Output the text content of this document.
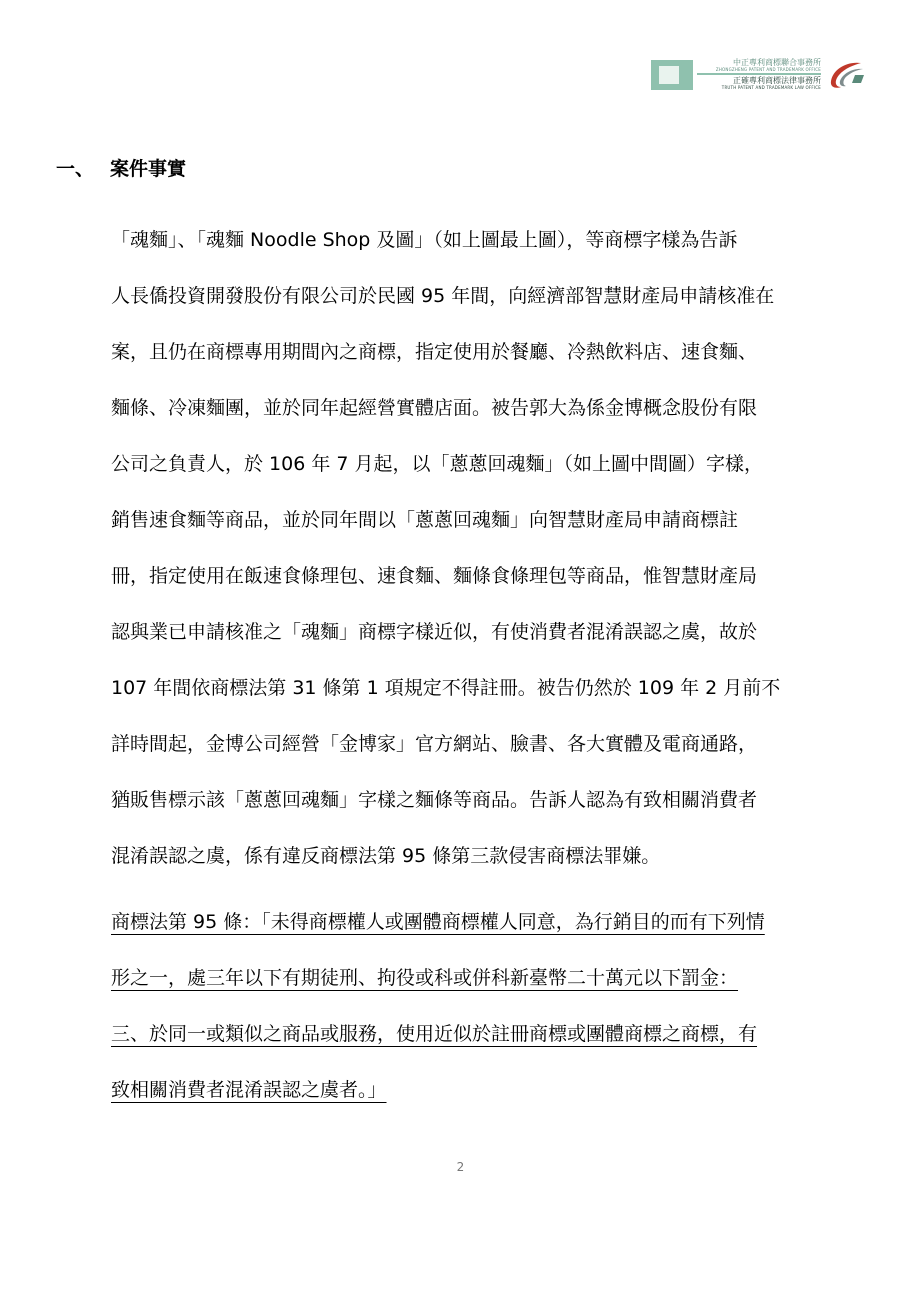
中正專利商標聯合事務所
ZHONGZHENG PATENT AND TRADEMARK OFFICE
正確專利商標法律事務所
TRUTH PATENT AND TRADEMARK LAW OFFICE
一、 案件事實
「魂麵」、「魂麵 Noodle Shop 及圖」（如上圖最上圖），等商標字樣為告訴
人長僑投資開發股份有限公司於民國 95 年間，向經濟部智慧財產局申請核准在
案，且仍在商標專用期間內之商標，指定使用於餐廳、冷熱飲料店、速食麵、
麵條、冷凍麵團，並於同年起經營實體店面。被告郭大為係金博概念股份有限
公司之負責人，於 106 年 7 月起，以「蔥蔥回魂麵」（如上圖中間圖）字樣，
銷售速食麵等商品，並於同年間以「蔥蔥回魂麵」向智慧財產局申請商標註
冊，指定使用在飯速食條理包、速食麵、麵條食條理包等商品，惟智慧財產局
認與業已申請核准之「魂麵」商標字樣近似，有使消費者混淆誤認之虞，故於
107 年間依商標法第 31 條第 1 項規定不得註冊。被告仍然於 109 年 2 月前不
詳時間起，金博公司經營「金博家」官方網站、臉書、各大實體及電商通路，
猶販售標示該「蔥蔥回魂麵」字樣之麵條等商品。告訴人認為有致相關消費者
混淆誤認之虞，係有違反商標法第 95 條第三款侵害商標法罪嫌。
商標法第 95 條：「未得商標權人或團體商標權人同意，為行銷目的而有下列情
形之一，處三年以下有期徒刑、拘役或科或併科新臺幣二十萬元以下罰金：
三、於同一或類似之商品或服務，使用近似於註冊商標或團體商標之商標，有
致相關消費者混淆誤認之虞者。」
2
